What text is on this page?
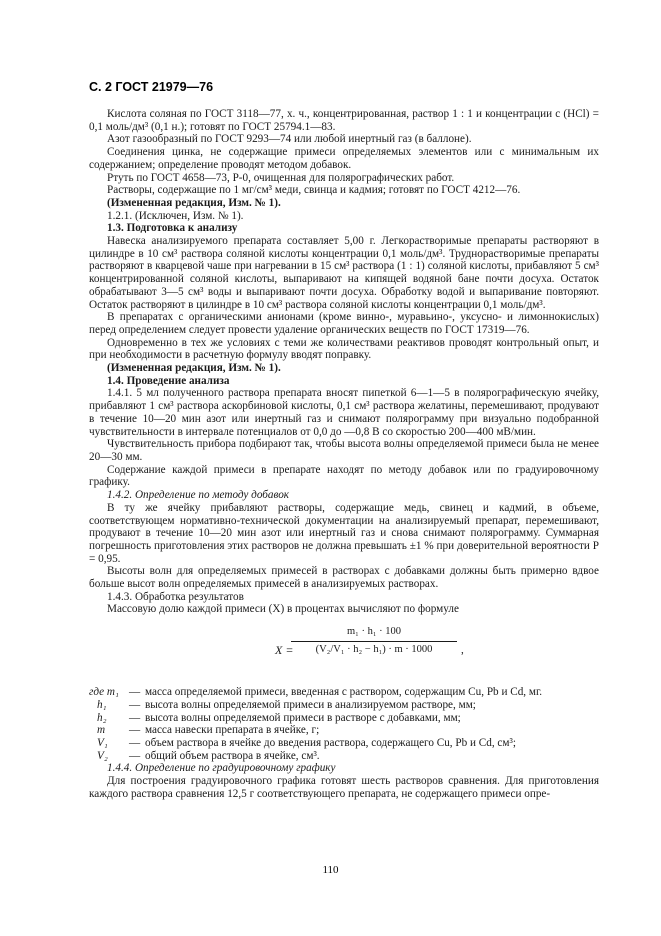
С. 2 ГОСТ 21979—76

Кислота соляная по ГОСТ 3118—77, х. ч., концентрированная, раствор 1 : 1 и концентрации c (HCl) = 0,1 моль/дм³ (0,1 н.); готовят по ГОСТ 25794.1—83.

Азот газообразный по ГОСТ 9293—74 или любой инертный газ (в баллоне).

Соединения цинка, не содержащие примеси определяемых элементов или с минимальным их содержанием; определение проводят методом добавок.

Ртуть по ГОСТ 4658—73, Р-0, очищенная для полярографических работ.

Растворы, содержащие по 1 мг/см³ меди, свинца и кадмия; готовят по ГОСТ 4212—76.

(Измененная редакция, Изм. № 1).

1.2.1. (Исключен, Изм. № 1).

1.3. Подготовка к анализу

Навеска анализируемого препарата составляет 5,00 г. Легкорастворимые препараты растворяют в цилиндре в 10 см³ раствора соляной кислоты концентрации 0,1 моль/дм³. Труднорастворимые препараты растворяют в кварцевой чаше при нагревании в 15 см³ раствора (1 : 1) соляной кислоты, прибавляют 5 см³ концентрированной соляной кислоты, выпаривают на кипящей водяной бане почти досуха. Остаток обрабатывают 3—5 см³ воды и выпаривают почти досуха. Обработку водой и выпаривание повторяют. Остаток растворяют в цилиндре в 10 см³ раствора соляной кислоты концентрации 0,1 моль/дм³.

В препаратах с органическими анионами (кроме винно-, муравьино-, уксусно- и лимоннокислых) перед определением следует провести удаление органических веществ по ГОСТ 17319—76.

Одновременно в тех же условиях с теми же количествами реактивов проводят контрольный опыт, и при необходимости в расчетную формулу вводят поправку.

(Измененная редакция, Изм. № 1).

1.4. Проведение анализа

1.4.1. 5 мл полученного раствора препарата вносят пипеткой 6—1—5 в полярографическую ячейку, прибавляют 1 см³ раствора аскорбиновой кислоты, 0,1 см³ раствора желатины, перемешивают, продувают в течение 10—20 мин азот или инертный газ и снимают полярограмму при визуально подобранной чувствительности в интервале потенциалов от 0,0 до —0,8 В со скоростью 200—400 мВ/мин.

Чувствительность прибора подбирают так, чтобы высота волны определяемой примеси была не менее 20—30 мм.

Содержание каждой примеси в препарате находят по методу добавок или по градуировочному графику.

1.4.2. Определение по методу добавок

В ту же ячейку прибавляют растворы, содержащие медь, свинец и кадмий, в объеме, соответствующем нормативно-технической документации на анализируемый препарат, перемешивают, продувают в течение 10—20 мин азот или инертный газ и снова снимают полярограмму. Суммарная погрешность приготовления этих растворов не должна превышать ±1 % при доверительной вероятности P = 0,95.

Высоты волн для определяемых примесей в растворах с добавками должны быть примерно вдвое больше высот волн определяемых примесей в анализируемых растворах.

1.4.3. Обработка результатов

Массовую долю каждой примеси (X) в процентах вычисляют по формуле

X =
$\frac{\text{m₁ · h₁ · 100}}{\text{(V₂/V₁ · h₂ − h₁) · m · 1000}}$ ,
где m₁ — масса определяемой примеси, введенная с раствором, содержащим Cu, Pb и Cd, мг.
h₁	— высота волны определяемой примеси в анализируемом растворе, мм;
h₂	— высота волны определяемой примеси в растворе с добавками, мм;
m	— масса навески препарата в ячейке, г;
V₁	— объем раствора в ячейке до введения раствора, содержащего Cu, Pb и Cd, см³;
V₂	— общий объем раствора в ячейке, см³.

1.4.4. Определение по градуировочному графику

Для построения градуировочного графика готовят шесть растворов сравнения. Для приготовления каждого раствора сравнения 12,5 г соответствующего препарата, не содержащего примеси опре-

110
